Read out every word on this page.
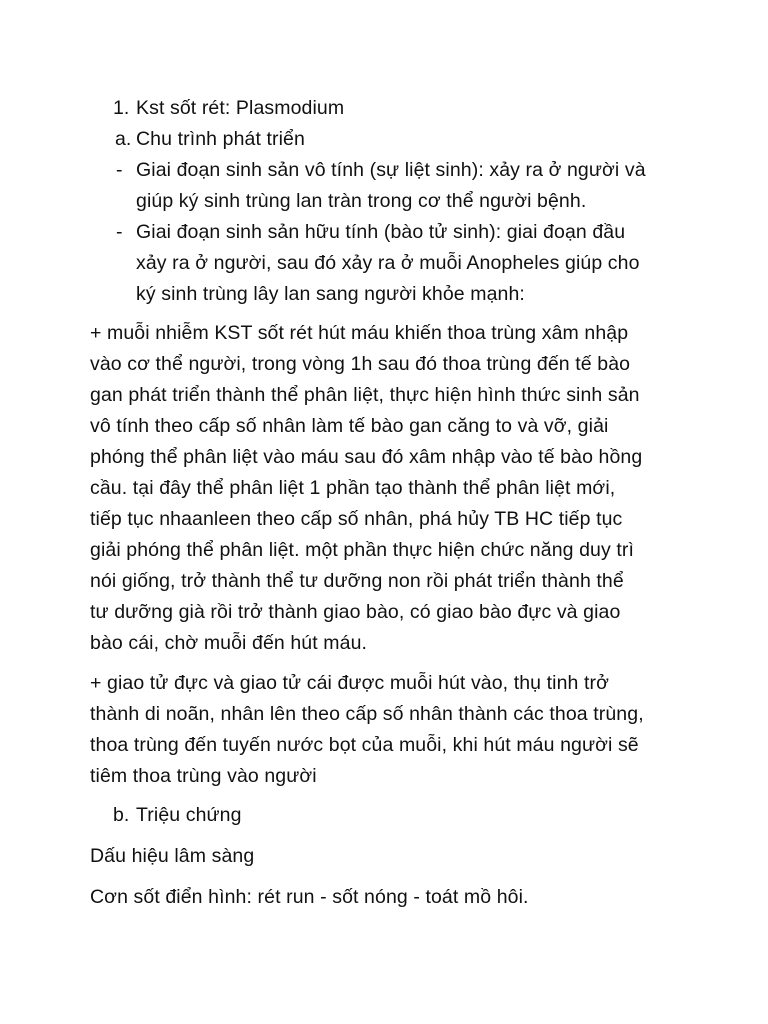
1. Kst sốt rét: Plasmodium
a. Chu trình phát triển
- Giai đoạn sinh sản vô tính (sự liệt sinh): xảy ra ở người và
giúp ký sinh trùng lan tràn trong cơ thể người bệnh.
- Giai đoạn sinh sản hữu tính (bào tử sinh): giai đoạn đầu
xảy ra ở người, sau đó xảy ra ở muỗi Anopheles giúp cho
ký sinh trùng lây lan sang người khỏe mạnh:
+ muỗi nhiễm KST sốt rét hút máu khiến thoa trùng xâm nhập
vào cơ thể người, trong vòng 1h sau đó thoa trùng đến tế bào
gan phát triển thành thể phân liệt, thực hiện hình thức sinh sản
vô tính theo cấp số nhân làm tế bào gan căng to và vỡ, giải
phóng thể phân liệt vào máu sau đó xâm nhập vào tế bào hồng
cầu. tại đây thể phân liệt 1 phần tạo thành thể phân liệt mới,
tiếp tục nhaanleen theo cấp số nhân, phá hủy TB HC tiếp tục
giải phóng thể phân liệt. một phần thực hiện chức năng duy trì
nói giống, trở thành thể tư dưỡng non rồi phát triển thành thể
tư dưỡng già rồi trở thành giao bào, có giao bào đực và giao
bào cái, chờ muỗi đến hút máu.
+ giao tử đực và giao tử cái được muỗi hút vào, thụ tinh trở
thành di noãn, nhân lên theo cấp số nhân thành các thoa trùng,
thoa trùng đến tuyến nước bọt của muỗi, khi hút máu người sẽ
tiêm thoa trùng vào người
b. Triệu chứng
Dấu hiệu lâm sàng
Cơn sốt điển hình: rét run - sốt nóng - toát mồ hôi.
